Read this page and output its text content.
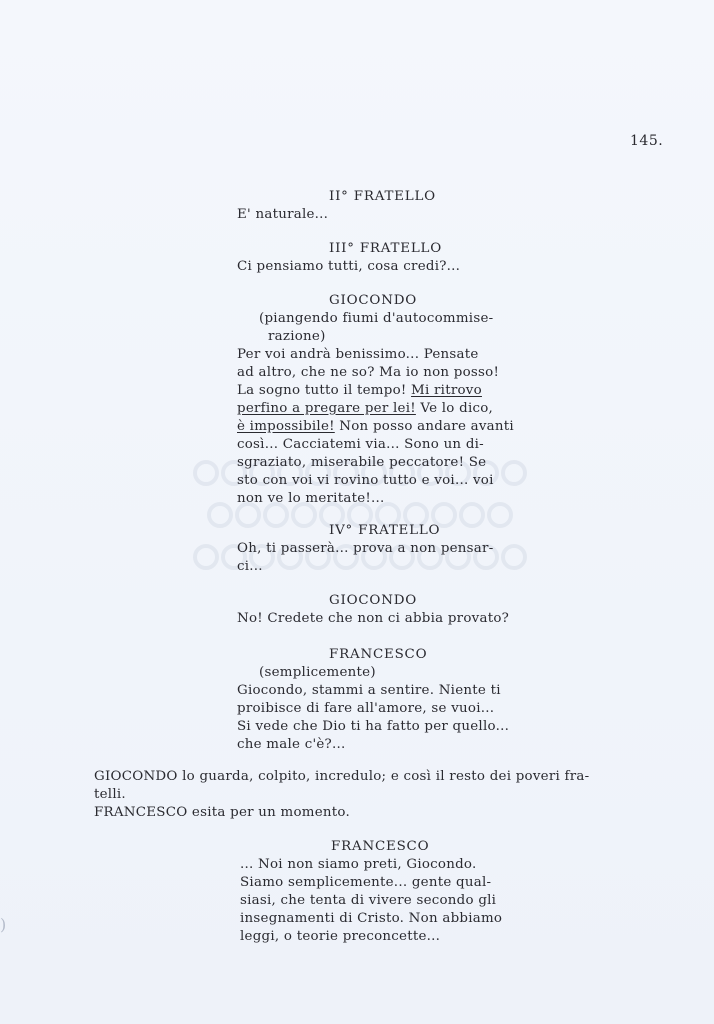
145.
II° FRATELLO
E' naturale...
III° FRATELLO
Ci pensiamo tutti, cosa credi?...
GIOCONDO
(piangendo fiumi d'autocommise-
razione)
Per voi andrà benissimo... Pensate
ad altro, che ne so? Ma io non posso!
La sogno tutto il tempo! Mi ritrovo
perfino a pregare per lei! Ve lo dico,
è impossibile! Non posso andare avanti
così... Cacciatemi via... Sono un di-
sgraziato, miserabile peccatore! Se
sto con voi vi rovino tutto e voi... voi
non ve lo meritate!...
IV° FRATELLO
Oh, ti passerà... prova a non pensar-
ci...
GIOCONDO
No! Credete che non ci abbia provato?
FRANCESCO
(semplicemente)
Giocondo, stammi a sentire. Niente ti
proibisce di fare all'amore, se vuoi...
Si vede che Dio ti ha fatto per quello...
che male c'è?...
GIOCONDO lo guarda, colpito, incredulo; e così il resto dei poveri fra-
telli.
FRANCESCO esita per un momento.
FRANCESCO
... Noi non siamo preti, Giocondo.
Siamo semplicemente... gente qual-
siasi, che tenta di vivere secondo gli
insegnamenti di Cristo. Non abbiamo
leggi, o teorie preconcette...
)
